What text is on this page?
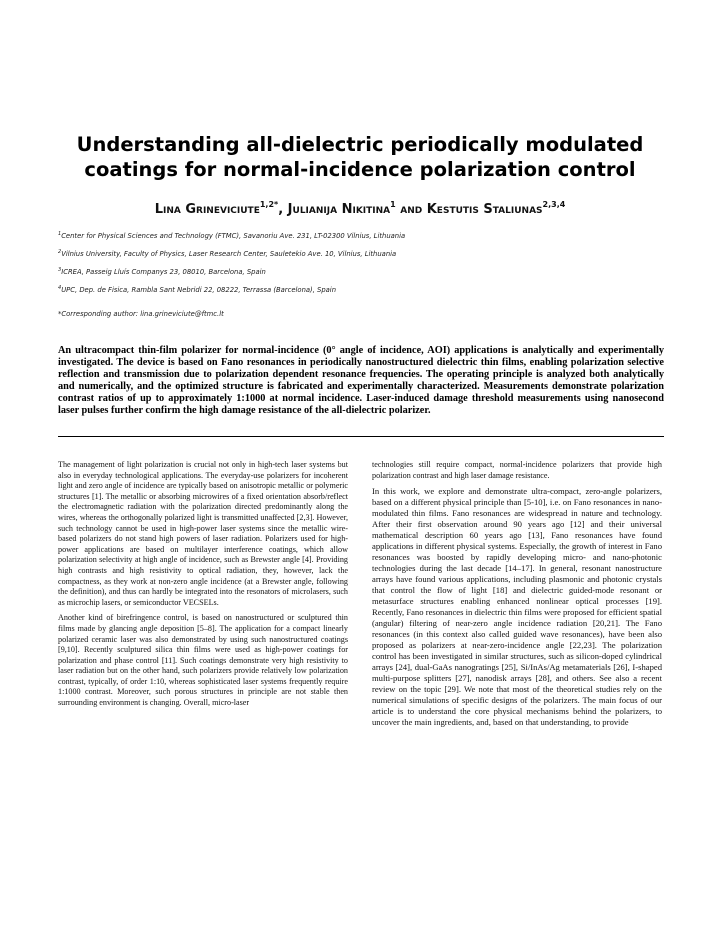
Understanding all-dielectric periodically modulated
coatings for normal-incidence polarization control
Lina Grineviciute$^{1,2*}$, Julianija Nikitina$^1$ and Kestutis Staliunas$^{2,3,4}$
$^1$Center for Physical Sciences and Technology (FTMC), Savanoriu Ave. 231, LT-02300 Vilnius, Lithuania
$^2$Vilnius University, Faculty of Physics, Laser Research Center, Sauletekio Ave. 10, Vilnius, Lithuania
$^3$ICREA, Passeig Lluís Companys 23, 08010, Barcelona, Spain
$^4$UPC, Dep. de Fisica, Rambla Sant Nebridi 22, 08222, Terrassa (Barcelona), Spain
*Corresponding author: lina.grineviciute@ftmc.lt
An ultracompact thin-film polarizer for normal-incidence (0° angle of incidence, AOI) applications is analytically and experimentally investigated. The device is based on Fano resonances in periodically nanostructured dielectric thin films, enabling polarization selective reflection and transmission due to polarization dependent resonance frequencies. The operating principle is analyzed both analytically and numerically, and the optimized structure is fabricated and experimentally characterized. Measurements demonstrate polarization contrast ratios of up to approximately 1:1000 at normal incidence. Laser-induced damage threshold measurements using nanosecond laser pulses further confirm the high damage resistance of the all-dielectric polarizer.

The management of light polarization is crucial not only in high-tech laser systems but also in everyday technological applications. The everyday-use polarizers for incoherent light and zero angle of incidence are typically based on anisotropic metallic or polymeric structures [1]. The metallic or absorbing microwires of a fixed orientation absorb/reflect the electromagnetic radiation with the polarization directed predominantly along the wires, whereas the orthogonally polarized light is transmitted unaffected [2,3]. However, such technology cannot be used in high-power laser systems since the metallic wire-based polarizers do not stand high powers of laser radiation. Polarizers used for high-power applications are based on multilayer interference coatings, which allow polarization selectivity at high angle of incidence, such as Brewster angle [4]. Providing high contrasts and high resistivity to optical radiation, they, however, lack the compactness, as they work at non-zero angle incidence (at a Brewster angle, following the definition), and thus can hardly be integrated into the resonators of microlasers, such as microchip lasers, or semiconductor VECSELs.

Another kind of birefringence control, is based on nanostructured or sculptured thin films made by glancing angle deposition [5–8]. The application for a compact linearly polarized ceramic laser was also demonstrated by using such nanostructured coatings [9,10]. Recently sculptured silica thin films were used as high-power coatings for polarization and phase control [11]. Such coatings demonstrate very high resistivity to laser radiation but on the other hand, such polarizers provide relatively low polarization contrast, typically, of order 1:10, whereas sophisticated laser systems frequently require 1:1000 contrast. Moreover, such porous structures in principle are not stable then surrounding environment is changing. Overall, micro-laser

technologies still require compact, normal-incidence polarizers that provide high polarization contrast and high laser damage resistance.

In this work, we explore and demonstrate ultra-compact, zero-angle polarizers, based on a different physical principle than [5-10], i.e. on Fano resonances in nano-modulated thin films. Fano resonances are widespread in nature and technology. After their first observation around 90 years ago [12] and their universal mathematical description 60 years ago [13], Fano resonances have found applications in different physical systems. Especially, the growth of interest in Fano resonances was boosted by rapidly developing micro- and nano-photonic technologies during the last decade [14–17]. In general, resonant nanostructure arrays have found various applications, including plasmonic and photonic crystals that control the flow of light [18] and dielectric guided-mode resonant or metasurface structures enabling enhanced nonlinear optical processes [19]. Recently, Fano resonances in dielectric thin films were proposed for efficient spatial (angular) filtering of near-zero angle incidence radiation [20,21]. The Fano resonances (in this context also called guided wave resonances), have been also proposed as polarizers at near-zero-incidence angle [22,23]. The polarization control has been investigated in similar structures, such as silicon-doped cylindrical arrays [24], dual-GaAs nanogratings [25], Si/InAs/Ag metamaterials [26], I-shaped multi-purpose splitters [27], nanodisk arrays [28], and others. See also a recent review on the topic [29]. We note that most of the theoretical studies rely on the numerical simulations of specific designs of the polarizers. The main focus of our article is to understand the core physical mechanisms behind the polarizers, to uncover the main ingredients, and, based on that understanding, to provide
